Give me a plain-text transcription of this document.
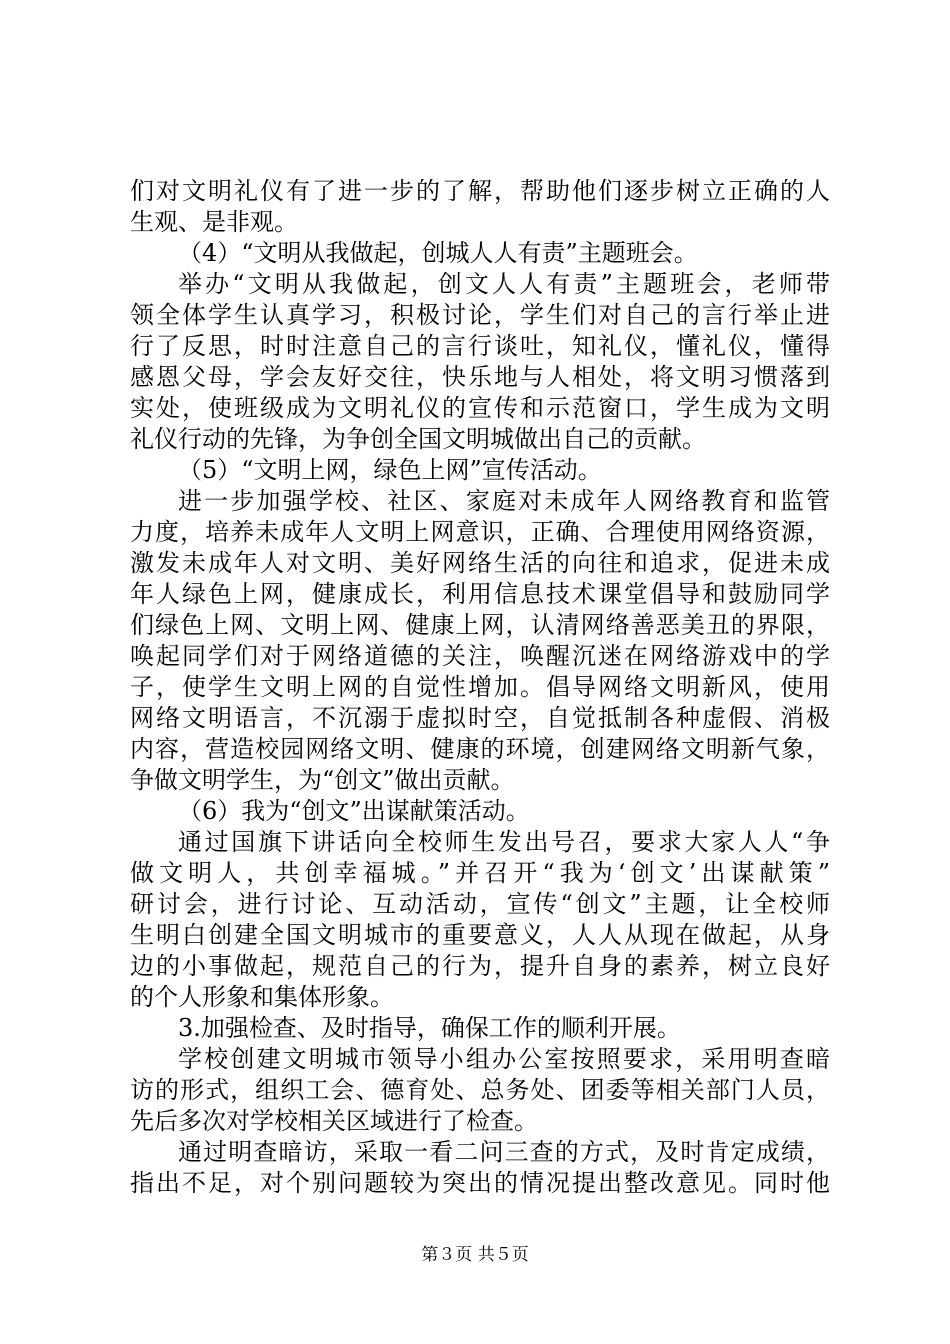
们对文明礼仪有了进一步的了解，帮助他们逐步树立正确的人
生观、是非观。
（4）“文明从我做起，创城人人有责”主题班会。
举办“文明从我做起，创文人人有责”主题班会，老师带
领全体学生认真学习，积极讨论，学生们对自己的言行举止进
行了反思，时时注意自己的言行谈吐，知礼仪，懂礼仪，懂得
感恩父母，学会友好交往，快乐地与人相处，将文明习惯落到
实处，使班级成为文明礼仪的宣传和示范窗口，学生成为文明
礼仪行动的先锋，为争创全国文明城做出自己的贡献。
（5）“文明上网，绿色上网”宣传活动。
进一步加强学校、社区、家庭对未成年人网络教育和监管
力度，培养未成年人文明上网意识，正确、合理使用网络资源，
激发未成年人对文明、美好网络生活的向往和追求，促进未成
年人绿色上网，健康成长，利用信息技术课堂倡导和鼓励同学
们绿色上网、文明上网、健康上网，认清网络善恶美丑的界限，
唤起同学们对于网络道德的关注，唤醒沉迷在网络游戏中的学
子，使学生文明上网的自觉性增加。倡导网络文明新风，使用
网络文明语言，不沉溺于虚拟时空，自觉抵制各种虚假、消极
内容，营造校园网络文明、健康的环境，创建网络文明新气象，
争做文明学生，为“创文”做出贡献。
（6）我为“创文”出谋献策活动。
通过国旗下讲话向全校师生发出号召，要求大家人人“争
做文明人，共创幸福城。”并召开“我为‘创文’出谋献策”
研讨会，进行讨论、互动活动，宣传“创文”主题，让全校师
生明白创建全国文明城市的重要意义，人人从现在做起，从身
边的小事做起，规范自己的行为，提升自身的素养，树立良好
的个人形象和集体形象。
3.加强检查、及时指导，确保工作的顺利开展。
学校创建文明城市领导小组办公室按照要求，采用明查暗
访的形式，组织工会、德育处、总务处、团委等相关部门人员，
先后多次对学校相关区域进行了检查。
通过明查暗访，采取一看二问三查的方式，及时肯定成绩，
指出不足，对个别问题较为突出的情况提出整改意见。同时他
第３页 共５页
